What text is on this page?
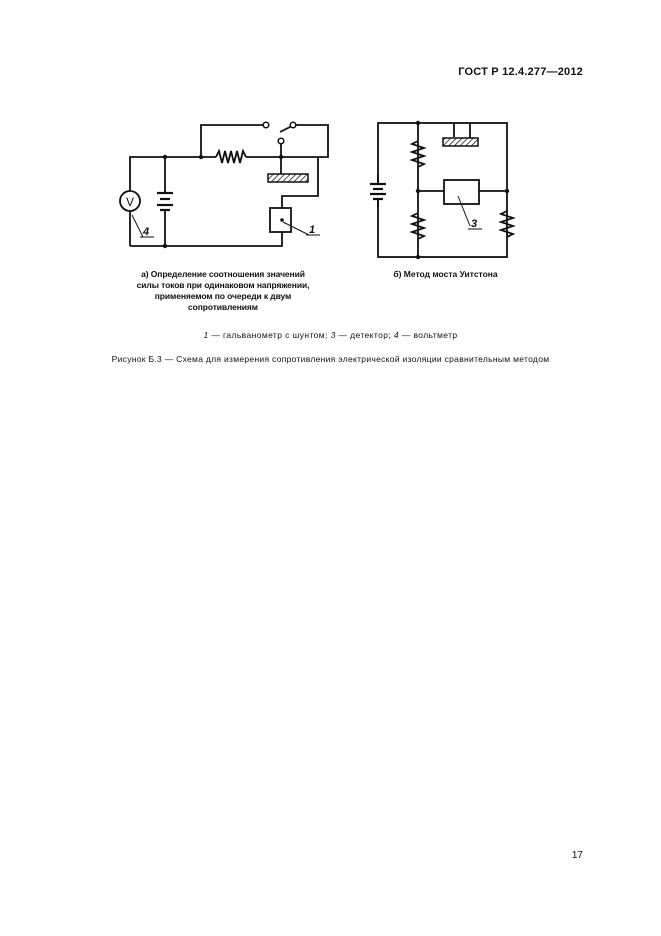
ГОСТ Р 12.4.277—2012
V
1
4
3
а) Определение соотношения значений
силы токов при одинаковом напряжении,
применяемом по очереди к двум
сопротивлениям
б) Метод моста Уитстона
1 — гальванометр с шунтом; 3 — детектор; 4 — вольтметр
Рисунок Б.3 — Схема для измерения сопротивления электрической изоляции сравнительным методом
17
